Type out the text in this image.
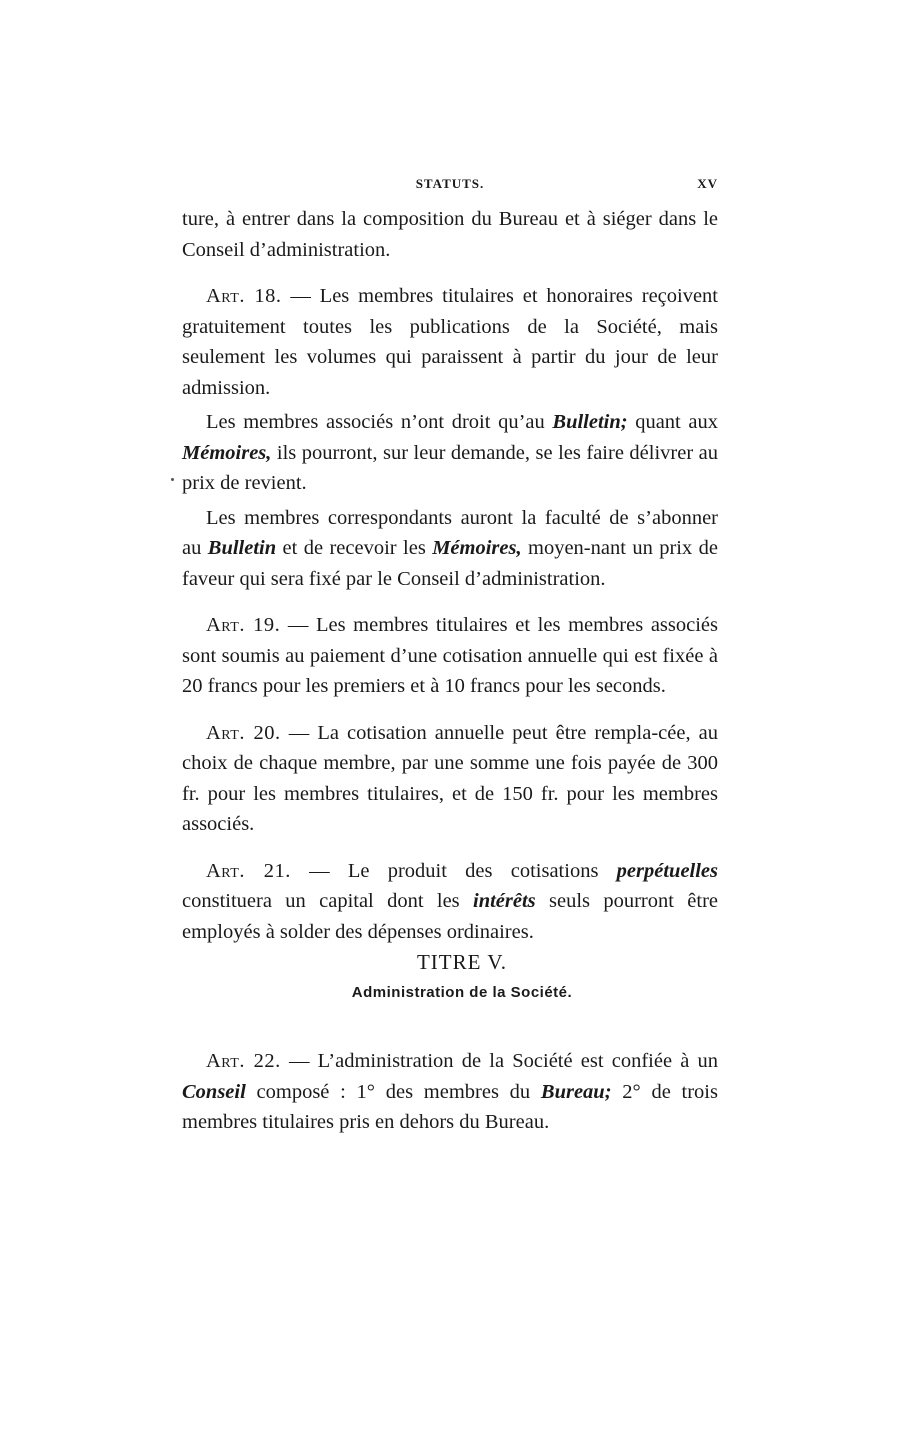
STATUTS.	XV

ture, à entrer dans la composition du Bureau et à siéger dans le Conseil d’administration.

Art. 18. — Les membres titulaires et honoraires reçoivent gratuitement toutes les publications de la Société, mais seulement les volumes qui paraissent à partir du jour de leur admission.

Les membres associés n’ont droit qu’au Bulletin; quant aux Mémoires, ils pourront, sur leur demande, se les faire délivrer au prix de revient.

Les membres correspondants auront la faculté de s’abonner au Bulletin et de recevoir les Mémoires, moyen-nant un prix de faveur qui sera fixé par le Conseil d’administration.

Art. 19. — Les membres titulaires et les membres associés sont soumis au paiement d’une cotisation annuelle qui est fixée à 20 francs pour les premiers et à 10 francs pour les seconds.

Art. 20. — La cotisation annuelle peut être rempla-cée, au choix de chaque membre, par une somme une fois payée de 300 fr. pour les membres titulaires, et de 150 fr. pour les membres associés.

Art. 21. — Le produit des cotisations perpétuelles constituera un capital dont les intérêts seuls pourront être employés à solder des dépenses ordinaires.

TITRE V.

Administration de la Société.

Art. 22. — L’administration de la Société est confiée à un Conseil composé : 1° des membres du Bureau; 2° de trois membres titulaires pris en dehors du Bureau.
